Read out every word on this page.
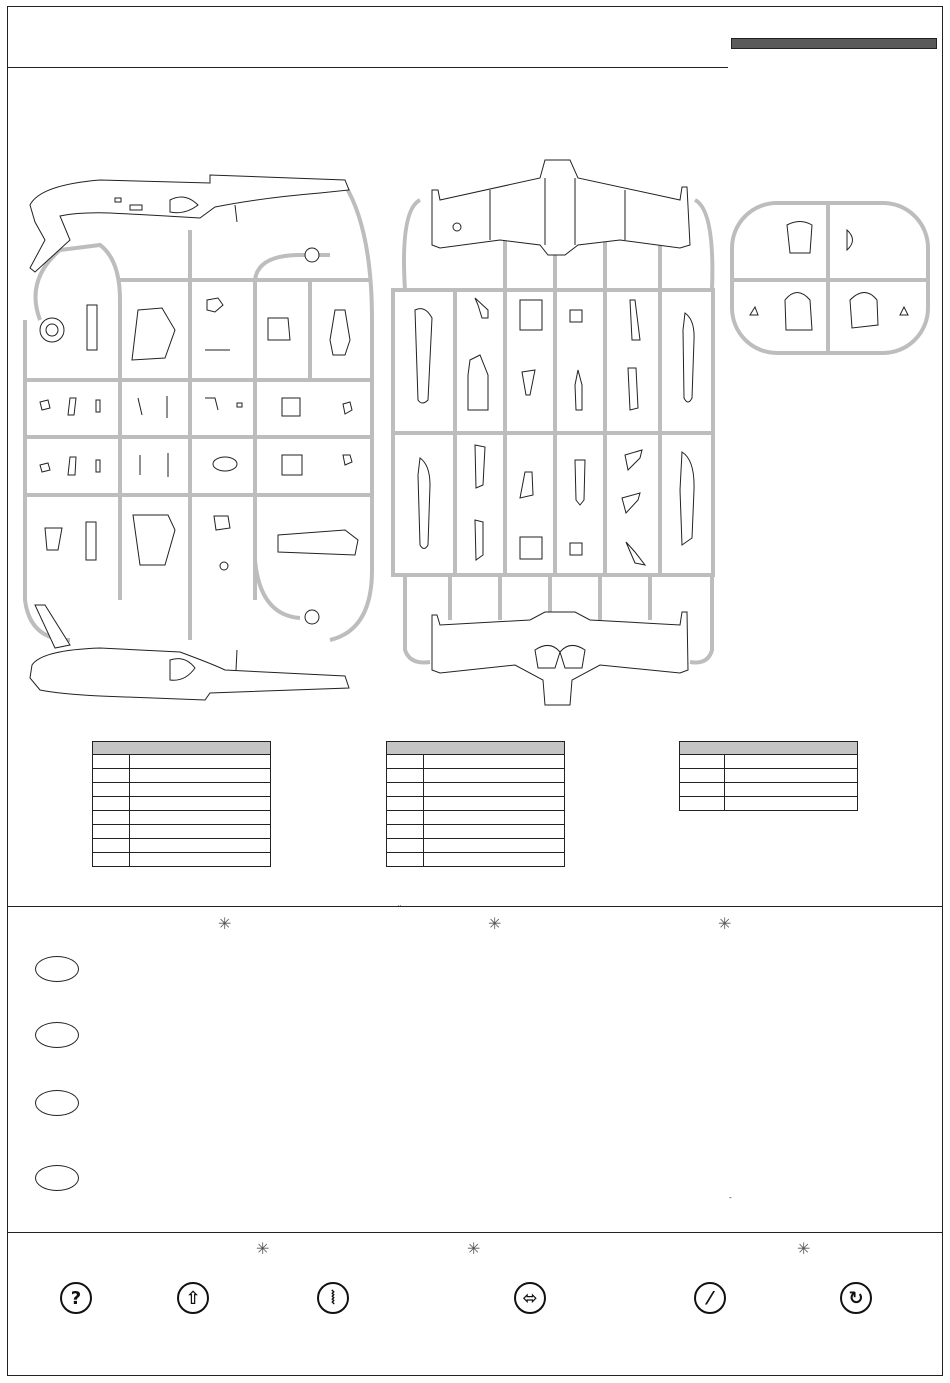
ˇ
✳	✳	✳
-
✳	✳	✳
?	⇧	⦚	⬄	⁄	↻
